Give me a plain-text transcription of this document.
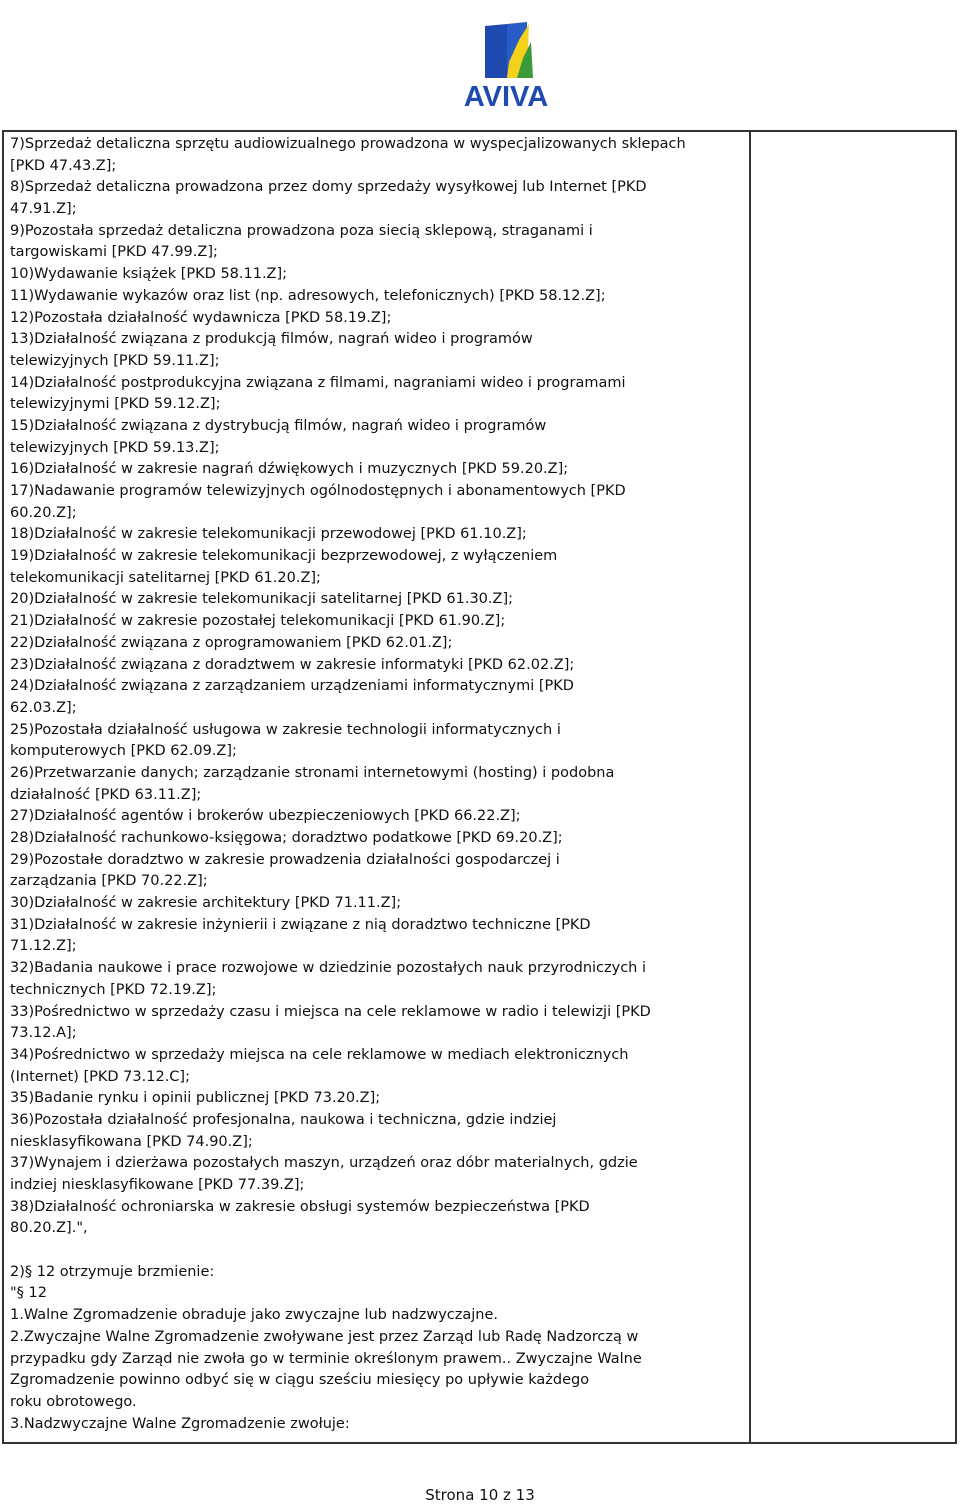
AVIVA
7)Sprzedaż detaliczna sprzętu audiowizualnego prowadzona w wyspecjalizowanych sklepach
[PKD 47.43.Z];
8)Sprzedaż detaliczna prowadzona przez domy sprzedaży wysyłkowej lub Internet [PKD
47.91.Z];
9)Pozostała sprzedaż detaliczna prowadzona poza siecią sklepową, straganami i
targowiskami [PKD 47.99.Z];
10)Wydawanie książek [PKD 58.11.Z];
11)Wydawanie wykazów oraz list (np. adresowych, telefonicznych) [PKD 58.12.Z];
12)Pozostała działalność wydawnicza [PKD 58.19.Z];
13)Działalność związana z produkcją filmów, nagrań wideo i programów
telewizyjnych [PKD 59.11.Z];
14)Działalność postprodukcyjna związana z filmami, nagraniami wideo i programami
telewizyjnymi [PKD 59.12.Z];
15)Działalność związana z dystrybucją filmów, nagrań wideo i programów
telewizyjnych [PKD 59.13.Z];
16)Działalność w zakresie nagrań dźwiękowych i muzycznych [PKD 59.20.Z];
17)Nadawanie programów telewizyjnych ogólnodostępnych i abonamentowych [PKD
60.20.Z];
18)Działalność w zakresie telekomunikacji przewodowej [PKD 61.10.Z];
19)Działalność w zakresie telekomunikacji bezprzewodowej, z wyłączeniem
telekomunikacji satelitarnej [PKD 61.20.Z];
20)Działalność w zakresie telekomunikacji satelitarnej [PKD 61.30.Z];
21)Działalność w zakresie pozostałej telekomunikacji [PKD 61.90.Z];
22)Działalność związana z oprogramowaniem [PKD 62.01.Z];
23)Działalność związana z doradztwem w zakresie informatyki [PKD 62.02.Z];
24)Działalność związana z zarządzaniem urządzeniami informatycznymi [PKD
62.03.Z];
25)Pozostała działalność usługowa w zakresie technologii informatycznych i
komputerowych [PKD 62.09.Z];
26)Przetwarzanie danych; zarządzanie stronami internetowymi (hosting) i podobna
działalność [PKD 63.11.Z];
27)Działalność agentów i brokerów ubezpieczeniowych [PKD 66.22.Z];
28)Działalność rachunkowo-księgowa; doradztwo podatkowe [PKD 69.20.Z];
29)Pozostałe doradztwo w zakresie prowadzenia działalności gospodarczej i
zarządzania [PKD 70.22.Z];
30)Działalność w zakresie architektury [PKD 71.11.Z];
31)Działalność w zakresie inżynierii i związane z nią doradztwo techniczne [PKD
71.12.Z];
32)Badania naukowe i prace rozwojowe w dziedzinie pozostałych nauk przyrodniczych i
technicznych [PKD 72.19.Z];
33)Pośrednictwo w sprzedaży czasu i miejsca na cele reklamowe w radio i telewizji [PKD
73.12.A];
34)Pośrednictwo w sprzedaży miejsca na cele reklamowe w mediach elektronicznych
(Internet) [PKD 73.12.C];
35)Badanie rynku i opinii publicznej [PKD 73.20.Z];
36)Pozostała działalność profesjonalna, naukowa i techniczna, gdzie indziej
niesklasyfikowana [PKD 74.90.Z];
37)Wynajem i dzierżawa pozostałych maszyn, urządzeń oraz dóbr materialnych, gdzie
indziej niesklasyfikowane [PKD 77.39.Z];
38)Działalność ochroniarska w zakresie obsługi systemów bezpieczeństwa [PKD
80.20.Z].",
2)§ 12 otrzymuje brzmienie:
"§ 12
1.Walne Zgromadzenie obraduje jako zwyczajne lub nadzwyczajne.
2.Zwyczajne Walne Zgromadzenie zwoływane jest przez Zarząd lub Radę Nadzorczą w
przypadku gdy Zarząd nie zwoła go w terminie określonym prawem.. Zwyczajne Walne
Zgromadzenie powinno odbyć się w ciągu sześciu miesięcy po upływie każdego
roku obrotowego.
3.Nadzwyczajne Walne Zgromadzenie zwołuje:
Strona 10 z 13
